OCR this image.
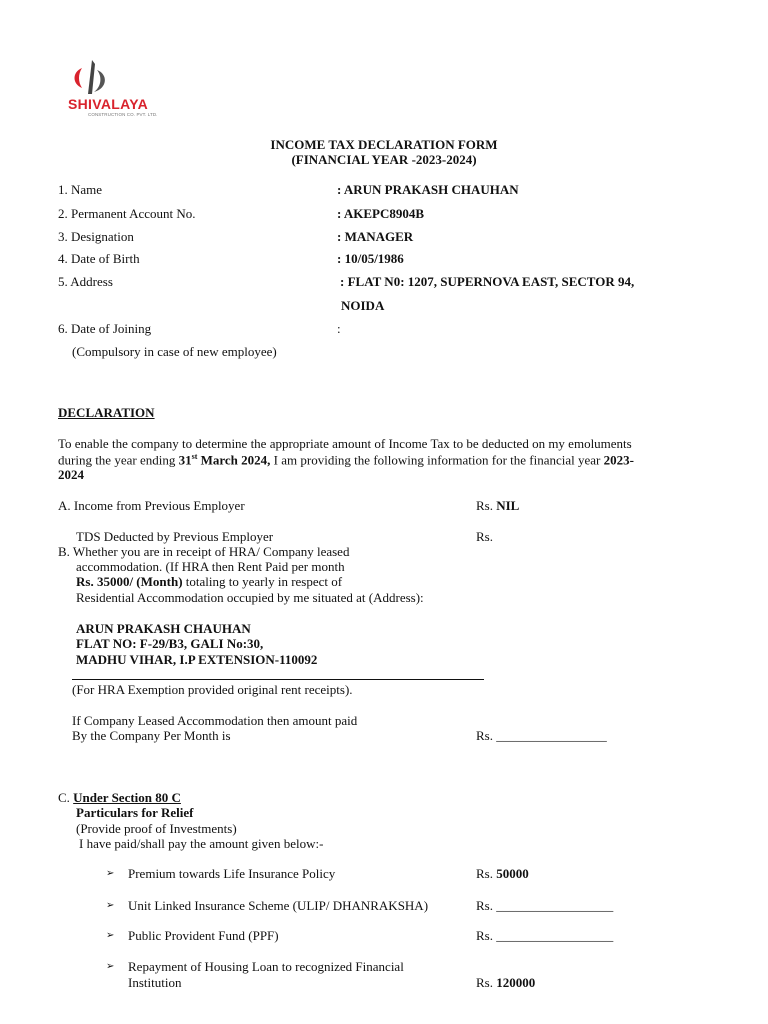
SHIVALAYA
CONSTRUCTION CO. PVT. LTD.
INCOME TAX DECLARATION FORM
(FINANCIAL YEAR -2023-2024)
1. Name	: ARUN PRAKASH CHAUHAN
2. Permanent Account No.	: AKEPC8904B
3. Designation	: MANAGER
4. Date of Birth	: 10/05/1986
5. Address	: FLAT N0: 1207, SUPERNOVA EAST, SECTOR 94,
NOIDA
6. Date of Joining	:
(Compulsory in case of new employee)
DECLARATION
To enable the company to determine the appropriate amount of Income Tax to be deducted on my emoluments
during the year ending 31st March 2024, I am providing the following information for the financial year 2023-
2024
A. Income from Previous Employer	Rs. NIL
TDS Deducted by Previous Employer	Rs.
B. Whether you are in receipt of HRA/ Company leased
accommodation. (If HRA then Rent Paid per month
Rs. 35000/ (Month) totaling to yearly in respect of
Residential Accommodation occupied by me situated at (Address):
ARUN PRAKASH CHAUHAN
FLAT NO: F-29/B3, GALI No:30,
MADHU VIHAR, I.P EXTENSION-110092
(For HRA Exemption provided original rent receipts).
If Company Leased Accommodation then amount paid
By the Company Per Month is	Rs. _________________
C. Under Section 80 C
Particulars for Relief
(Provide proof of Investments)
I have paid/shall pay the amount given below:-
➢ Premium towards Life Insurance Policy	Rs. 50000
➢ Unit Linked Insurance Scheme (ULIP/ DHANRAKSHA)	Rs. __________________
➢ Public Provident Fund (PPF)	Rs. __________________
➢ Repayment of Housing Loan to recognized Financial
Institution	Rs. 120000
